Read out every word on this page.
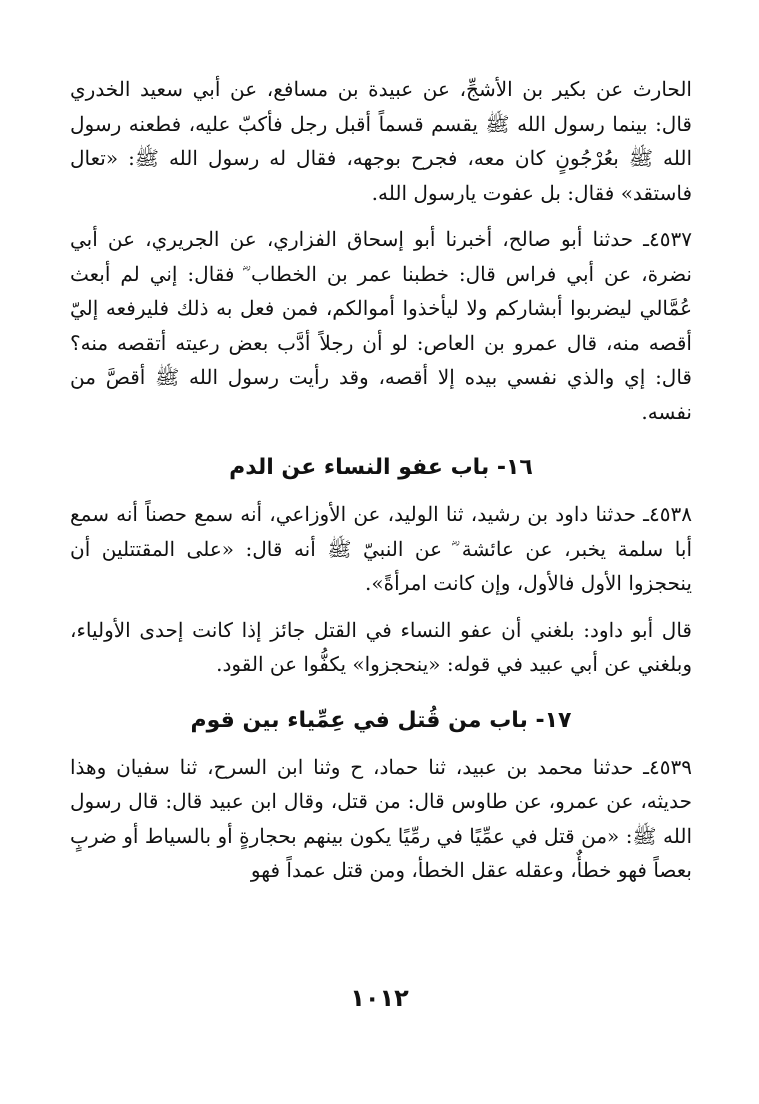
الحارث عن بكير بن الأشجِّ، عن عبيدة بن مسافع، عن أبي سعيد الخدري قال: بينما رسول الله ﷺ يقسم قسماً أقبل رجل فأكبّ عليه، فطعنه رسول الله ﷺ بعُرْجُونٍ كان معه، فجرح بوجهه، فقال له رسول الله ﷺ: «تعال فاستقد» فقال: بل عفوت يارسول الله.

٤٥٣٧ـ حدثنا أبو صالح، أخبرنا أبو إسحاق الفزاري، عن الجريري، عن أبي نضرة، عن أبي فراس قال: خطبنا عمر بن الخطاب ؓ فقال: إني لم أبعث عُمَّالي ليضربوا أبشاركم ولا ليأخذوا أموالكم، فمن فعل به ذلك فليرفعه إليّ أقصه منه، قال عمرو بن العاص: لو أن رجلاً أدَّب بعض رعيته أتقصه منه؟ قال: إي والذي نفسي بيده إلا أقصه، وقد رأيت رسول الله ﷺ أقصَّ من نفسه.

١٦- باب عفو النساء عن الدم

٤٥٣٨ـ حدثنا داود بن رشيد، ثنا الوليد، عن الأوزاعي، أنه سمع حصناً أنه سمع أبا سلمة يخبر، عن عائشة ؓ عن النبيّ ﷺ أنه قال: «على المقتتلين أن ينحجزوا الأول فالأول، وإن كانت امرأةً».

قال أبو داود: بلغني أن عفو النساء في القتل جائز إذا كانت إحدى الأولياء، وبلغني عن أبي عبيد في قوله: «ينحجزوا» يكفُّوا عن القود.

١٧- باب من قُتل في عِمِّياء بين قوم

٤٥٣٩ـ حدثنا محمد بن عبيد، ثنا حماد، ح وثنا ابن السرح، ثنا سفيان وهذا حديثه، عن عمرو، عن طاوس قال: من قتل، وقال ابن عبيد قال: قال رسول الله ﷺ: «من قتل في عمِّيًا في رمِّيًا يكون بينهم بحجارةٍ أو بالسياط أو ضربٍ بعصاً فهو خطأٌ، وعقله عقل الخطأ، ومن قتل عمداً فهو

١٠١٢
